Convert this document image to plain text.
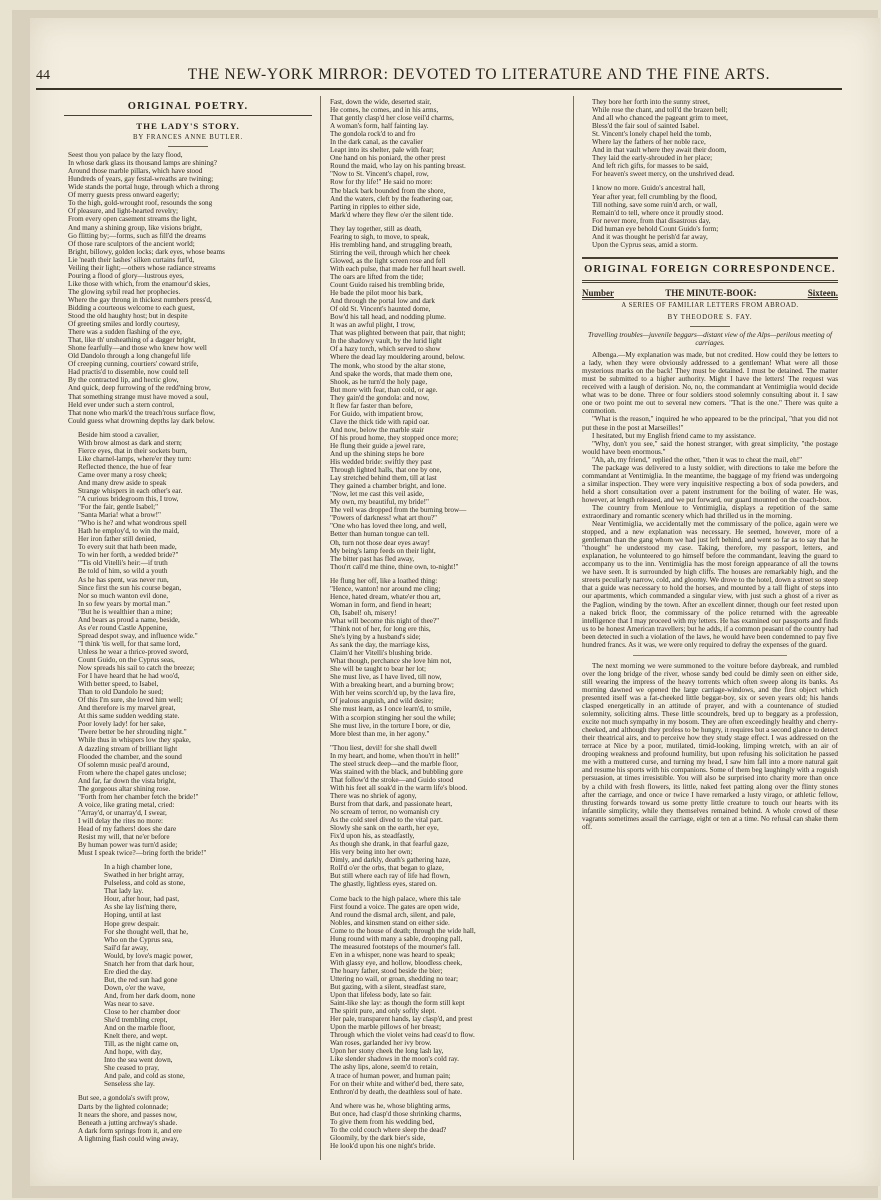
44	THE NEW-YORK MIRROR: DEVOTED TO LITERATURE AND THE FINE ARTS.
ORIGINAL POETRY.
THE LADY'S STORY.
BY FRANCES ANNE BUTLER.
Seest thou yon palace by the lazy flood,
In whose dark glass its thousand lamps are shining?
Around those marble pillars, which have stood
Hundreds of years, gay festal-wreaths are twining;
Wide stands the portal huge, through which a throng
Of merry guests press onward eagerly;
To the high, gold-wrought roof, resounds the song
Of pleasure, and light-hearted revelry;
From every open casement streams the light,
And many a shining group, like visions bright,
Go flitting by;—forms, such as fill'd the dreams
Of those rare sculptors of the ancient world;
Bright, billowy, golden locks; dark eyes, whose beams
Lie 'neath their lashes' silken curtains furl'd,
Veiling their light;—others whose radiance streams
Pouring a flood of glory—lustrous eyes,
Like those with which, from the enamour'd skies,
The glowing sybil read her prophecies.
Where the gay throng in thickest numbers press'd,
Bidding a courteous welcome to each guest,
Stood the old haughty host; but in despite
Of greeting smiles and lordly courtesy,
There was a sudden flashing of the eye,
That, like th' unsheathing of a dagger bright,
Shone fearfully—and those who knew how well
Old Dandolo through a long changeful life
Of creeping cunning, courtiers' coward strife,
Had practis'd to dissemble, now could tell
By the contracted lip, and hectic glow,
And quick, deep furrowing of the redd'ning brow,
That something strange must have moved a soul,
Held ever under such a stern control,
That none who mark'd the treach'rous surface flow,
Could guess what drowning depths lay dark below.
Beside him stood a cavalier,
With brow almost as dark and stern;
Fierce eyes, that in their sockets burn,
Like charnel-lamps, where'er they turn:
Reflected thence, the hue of fear
Came over many a rosy cheek;
And many drew aside to speak
Strange whispers in each other's ear.
"A curious bridegroom this, I trow,
"For the fair, gentle Isabel;"
"Santa Maria! what a brow!"
"Who is he? and what wondrous spell
Hath he employ'd, to win the maid,
Her iron father still denied,
To every suit that hath been made,
To win her forth, a wedded bride?"
"'Tis old Vitelli's heir:—if truth
Be told of him, so wild a youth
As he has spent, was never run,
Since first the sun his course began,
Nor so much wanton evil done,
In so few years by mortal man."
"But he is wealthier than a mine;
And bears as proud a name, beside,
As e'er round Castle Appenine,
Spread despot sway, and influence wide."
"I think 'tis well, for that same lord,
Unless he wear a thrice-proved sword,
Count Guido, on the Cyprus seas,
Now spreads his sail to catch the breeze;
For I have heard that he had woo'd,
With better speed, to Isabel,
Than to old Dandolo he sued;
Of this I'm sure, she loved him well;
And therefore is my marvel great,
At this same sudden wedding state.
Poor lovely lady! for her sake,
'Twere better be her shrouding night."
While thus in whispers low they spake,
A dazzling stream of brilliant light
Flooded the chamber, and the sound
Of solemn music peal'd around,
From where the chapel gates unclose;
And far, far down the vista bright,
The gorgeous altar shining rose.
"Forth from her chamber fetch the bride!"
A voice, like grating metal, cried:
"Array'd, or unarray'd, I swear,
I will delay the rites no more:
Head of my fathers! does she dare
Resist my will, that ne'er before
By human power was turn'd aside;
Must I speak twice?—bring forth the bride!"
In a high chamber lone,
Swathed in her bright array,
Pulseless, and cold as stone,
That lady lay.
Hour, after hour, had past,
As she lay list'ning there,
Hoping, until at last
Hope grew despair.
For she thought well, that he,
Who on the Cyprus sea,
Sail'd far away,
Would, by love's magic power,
Snatch her from that dark hour,
Ere died the day.
But, the red sun had gone
Down, o'er the wave,
And, from her dark doom, none
Was near to save.
Close to her chamber door
She'd trembling crept,
And on the marble floor,
Knelt there, and wept.
Till, as the night came on,
And hope, with day,
Into the sea went down,
She ceased to pray,
And pale, and cold as stone,
Senseless she lay.
But see, a gondola's swift prow,
Darts by the lighted colonnade;
It nears the shore, and passes now,
Beneath a jutting archway's shade.
A dark form springs from it, and ere
A lightning flash could wing away,
Fast, down the wide, deserted stair,
He comes, he comes, and in his arms,
That gently clasp'd her close veil'd charms,
A woman's form, half fainting lay.
The gondola rock'd to and fro
In the dark canal, as the cavalier
Leapt into its shelter, pale with fear;
One hand on his poniard, the other prest
Round the maid, who lay on his panting breast.
"Now to St. Vincent's chapel, row,
Row for thy life!" He said no more:
The black bark bounded from the shore,
And the waters, cleft by the feathering oar,
Parting in ripples to either side,
Mark'd where they flew o'er the silent tide.
They lay together, still as death,
Fearing to sigh, to move, to speak,
His trembling hand, and struggling breath,
Stirring the veil, through which her cheek
Glowed, as the light screen rose and fell
With each pulse, that made her full heart swell.
The oars are lifted from the tide;
Count Guido raised his trembling bride,
He bade the pilot moor his bark,
And through the portal low and dark
Of old St. Vincent's haunted dome,
Bow'd his tall head, and nodding plume.
It was an awful plight, I trow,
That was plighted between that pair, that night;
In the shadowy vault, by the lurid light
Of a hazy torch, which served to show
Where the dead lay mouldering around, below.
The monk, who stood by the altar stone,
And spake the words, that made them one,
Shook, as he turn'd the holy page,
But more with fear, than cold, or age.
They gain'd the gondola: and now,
It flew far faster than before,
For Guido, with impatient brow,
Clave the thick tide with rapid oar.
And now, below the marble stair
Of his proud home, they stopped once more;
He flung their guide a jewel rare,
And up the shining steps he bore
His wedded bride: swiftly they past
Through lighted halls, that one by one,
Lay stretched behind them, till at last
They gained a chamber bright, and lone.
"Now, let me cast this veil aside,
My own, my beautiful, my bride!"
The veil was dropped from the burning brow—
"Powers of darkness! what art thou?"
"One who has loved thee long, and well,
Better than human tongue can tell.
Oh, turn not those dear eyes away!
My being's lamp feeds on their light,
The bitter past has fled away,
Thou'rt call'd me thine, thine own, to-night!"
He flung her off, like a loathed thing:
"Hence, wanton! nor around me cling;
Hence, hated dream, whate'er thou art,
Woman in form, and fiend in heart;
Oh, Isabel! oh, misery!
What will become this night of thee?"
"Think not of her, for long ere this,
She's lying by a husband's side;
As sank the day, the marriage kiss,
Claim'd her Vitelli's blushing bride.
What though, perchance she love him not,
She will be taught to bear her lot;
She must live, as I have lived, till now,
With a breaking heart, and a burning brow;
With her veins scorch'd up, by the lava fire,
Of jealous anguish, and wild desire;
She must learn, as I once learn'd, to smile,
With a scorpion stinging her soul the while;
She must live, in the torture I bore, or die,
More blest than me, in her agony."
"Thou liest, devil! for she shall dwell
In my heart, and home, when thou'rt in hell!"
The steel struck deep—and the marble floor,
Was stained with the black, and bubbling gore
That follow'd the stroke—and Guido stood
With his feet all soak'd in the warm life's blood.
There was no shriek of agony,
Burst from that dark, and passionate heart,
No scream of terror, no womanish cry
As the cold steel dived to the vital part.
Slowly she sank on the earth, her eye,
Fix'd upon his, as steadfastly,
As though she drank, in that fearful gaze,
His very being into her own;
Dimly, and darkly, death's gathering haze,
Roll'd o'er the orbs, that began to glaze,
But still where each ray of life had flown,
The ghastly, lightless eyes, stared on.
Come back to the high palace, where this tale
First found a voice. The gates are open wide,
And round the dismal arch, silent, and pale,
Nobles, and kinsmen stand on either side.
Come to the house of death; through the wide hall,
Hung round with many a sable, drooping pall,
The measured footsteps of the mourner's fall.
E'en in a whisper, none was heard to speak;
With glassy eye, and hollow, bloodless cheek,
The hoary father, stood beside the bier;
Uttering no wail, or groan, shedding no tear;
But gazing, with a silent, steadfast stare,
Upon that lifeless body, late so fair.
Saint-like she lay: as though the form still kept
The spirit pure, and only softly slept.
Her pale, transparent hands, lay clasp'd, and prest
Upon the marble pillows of her breast;
Through which the violet veins had ceas'd to flow.
Wan roses, garlanded her ivy brow.
Upon her stony cheek the long lash lay,
Like slender shadows in the moon's cold ray.
The ashy lips, alone, seem'd to retain,
A trace of human power, and human pain;
For on their white and wither'd bed, there sate,
Enthron'd by death, the deathless soul of hate.
And where was he, whose blighting arms,
But once, had clasp'd those shrinking charms,
To give them from his wedding bed,
To the cold couch where sleep the dead?
Gloomily, by the dark bier's side,
He look'd upon his one night's bride.
They bore her forth into the sunny street,
While rose the chant, and toll'd the brazen bell;
And all who chanced the pageant grim to meet,
Bless'd the fair soul of sainted Isabel.
St. Vincent's lonely chapel held the tomb,
Where lay the fathers of her noble race,
And in that vault where they await their doom,
They laid the early-shrouded in her place;
And left rich gifts, for masses to be said,
For heaven's sweet mercy, on the unshrived dead.
I know no more. Guido's ancestral hall,
Year after year, fell crumbling by the flood,
Till nothing, save some ruin'd arch, or wall,
Remain'd to tell, where once it proudly stood.
For never more, from that disastrous day,
Did human eye behold Count Guido's form;
And it was thought he perish'd far away,
Upon the Cyprus seas, amid a storm.
ORIGINAL FOREIGN CORRESPONDENCE.
Number	THE MINUTE-BOOK:	Sixteen.
A SERIES OF FAMILIAR LETTERS FROM ABROAD.
BY THEODORE S. FAY.
Travelling troubles—juvenile beggars—distant view of the Alps—perilous meeting of carriages.

Albenga.—My explanation was made, but not credited. How could they be letters to a lady, when they were obviously addressed to a gentleman! What were all those mysterious marks on the back! They must be detained. I must be detained. The matter must be submitted to a higher authority. Might I have the letters! The request was received with a laugh of derision. No, no, the commandant at Ventimiglia would decide what was to be done. Three or four soldiers stood solemnly consulting about it. I saw one or two point me out to several new comers. "That is the one." There was quite a commotion.

"What is the reason," inquired he who appeared to be the principal, "that you did not put these in the post at Marseilles!"

I hesitated, but my English friend came to my assistance.

"Why, don't you see," said the honest stranger, with great simplicity, "the postage would have been enormous."

"Ah, ah, my friend," replied the other, "then it was to cheat the mail, eh!"

The package was delivered to a lusty soldier, with directions to take me before the commandant at Ventimiglia. In the meantime, the baggage of my friend was undergoing a similar inspection. They were very inquisitive respecting a box of soda powders, and held a short consultation over a patent instrument for the boiling of water. He was, however, at length released, and we put forward, our guard mounted on the coach-box.

The country from Menloue to Ventimiglia, displays a repetition of the same extraordinary and romantic scenery which had thrilled us in the morning.

Near Ventimiglia, we accidentally met the commissary of the police, again were we stopped, and a new explanation was necessary. He seemed, however, more of a gentleman than the gang whom we had just left behind, and went so far as to say that he "thought" he understood my case. Taking, therefore, my passport, letters, and explanation, he volunteered to go himself before the commandant, leaving the guard to accompany us to the inn. Ventimiglia has the most foreign appearance of all the towns we have seen. It is surrounded by high cliffs. The houses are remarkably high, and the streets peculiarly narrow, cold, and gloomy. We drove to the hotel, down a street so steep that a guide was necessary to hold the horses, and mounted by a tall flight of steps into our apartments, which commanded a singular view, with just such a ghost of a river as the Paglion, winding by the town. After an excellent dinner, though our feet rested upon a naked brick floor, the commissary of the police returned with the agreeable intelligence that I may proceed with my letters. He has examined our passports and finds us to be honest American travellers; but he adds, if a common peasant of the country had been detected in such a violation of the laws, he would have been condemned to pay five hundred francs. As it was, we were only required to defray the expenses of the guard.

The next morning we were summoned to the voiture before daybreak, and rumbled over the long bridge of the river, whose sandy bed could be dimly seen on either side, still wearing the impress of the heavy torrents which often sweep along its banks. As morning dawned we opened the large carriage-windows, and the first object which presented itself was a fat-cheeked little beggar-boy, six or seven years old; his hands clasped energetically in an attitude of prayer, and with a countenance of studied solemnity, soliciting alms. These little scoundrels, bred up to beggary as a profession, excite not much sympathy in my bosom. They are often exceedingly healthy and cherry-cheeked, and although they profess to be hungry, it requires but a second glance to detect their theatrical airs, and to perceive how they study stage effect. I was addressed on the terrace at Nice by a poor, mutilated, timid-looking, limping wretch, with an air of drooping weakness and profound humility, but upon refusing his solicitation he passed me with a muttered curse, and turning my head, I saw him fall into a more natural gait and resume his sports with his companions. Some of them beg laughingly with a roguish persuasion, at times irresistible. You will also be surprised into charity more than once by a child with fresh flowers, its little, naked feet patting along over the flinty stones after the carriage, and once or twice I have remarked a lusty virago, or athletic fellow, thrusting forwards toward us some pretty little creature to touch our hearts with its infantile simplicity, while they themselves remained behind. A whole crowd of these vagrants sometimes assail the carriage, eight or ten at a time. No refusal can shake them off.
